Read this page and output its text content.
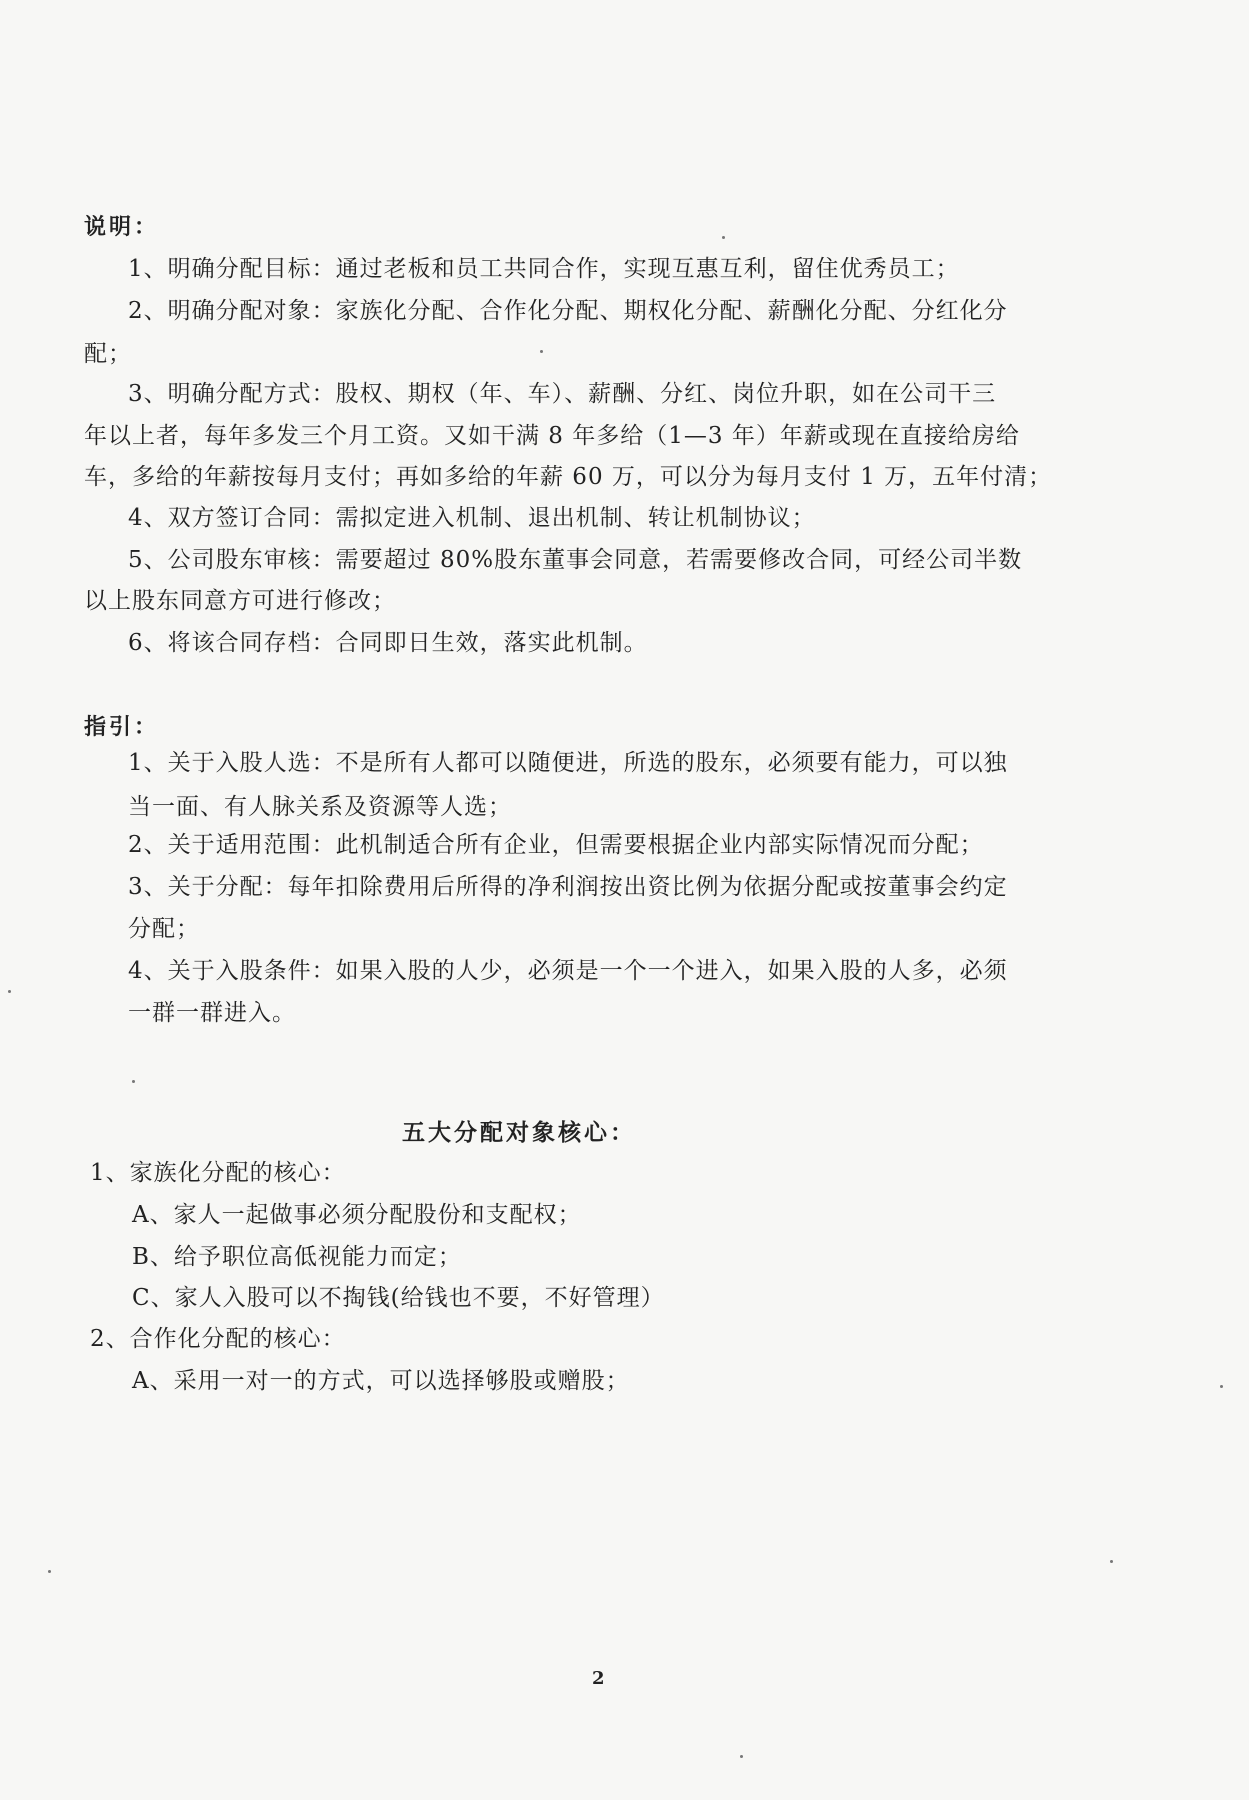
说明：
1、明确分配目标：通过老板和员工共同合作，实现互惠互利，留住优秀员工；
2、明确分配对象：家族化分配、合作化分配、期权化分配、薪酬化分配、分红化分
配；
3、明确分配方式：股权、期权（年、车）、薪酬、分红、岗位升职，如在公司干三
年以上者，每年多发三个月工资。又如干满 8 年多给（1—3 年）年薪或现在直接给房给
车，多给的年薪按每月支付；再如多给的年薪 60 万，可以分为每月支付 1 万，五年付清；
4、双方签订合同：需拟定进入机制、退出机制、转让机制协议；
5、公司股东审核：需要超过 80%股东董事会同意，若需要修改合同，可经公司半数
以上股东同意方可进行修改；
6、将该合同存档：合同即日生效，落实此机制。
指引：
1、关于入股人选：不是所有人都可以随便进，所选的股东，必须要有能力，可以独
当一面、有人脉关系及资源等人选；
2、关于适用范围：此机制适合所有企业，但需要根据企业内部实际情况而分配；
3、关于分配：每年扣除费用后所得的净利润按出资比例为依据分配或按董事会约定
分配；
4、关于入股条件：如果入股的人少，必须是一个一个进入，如果入股的人多，必须
一群一群进入。
五大分配对象核心：
1、家族化分配的核心：
A、家人一起做事必须分配股份和支配权；
B、给予职位高低视能力而定；
C、家人入股可以不掏钱(给钱也不要，不好管理）
2、合作化分配的核心：
A、采用一对一的方式，可以选择够股或赠股；
2
